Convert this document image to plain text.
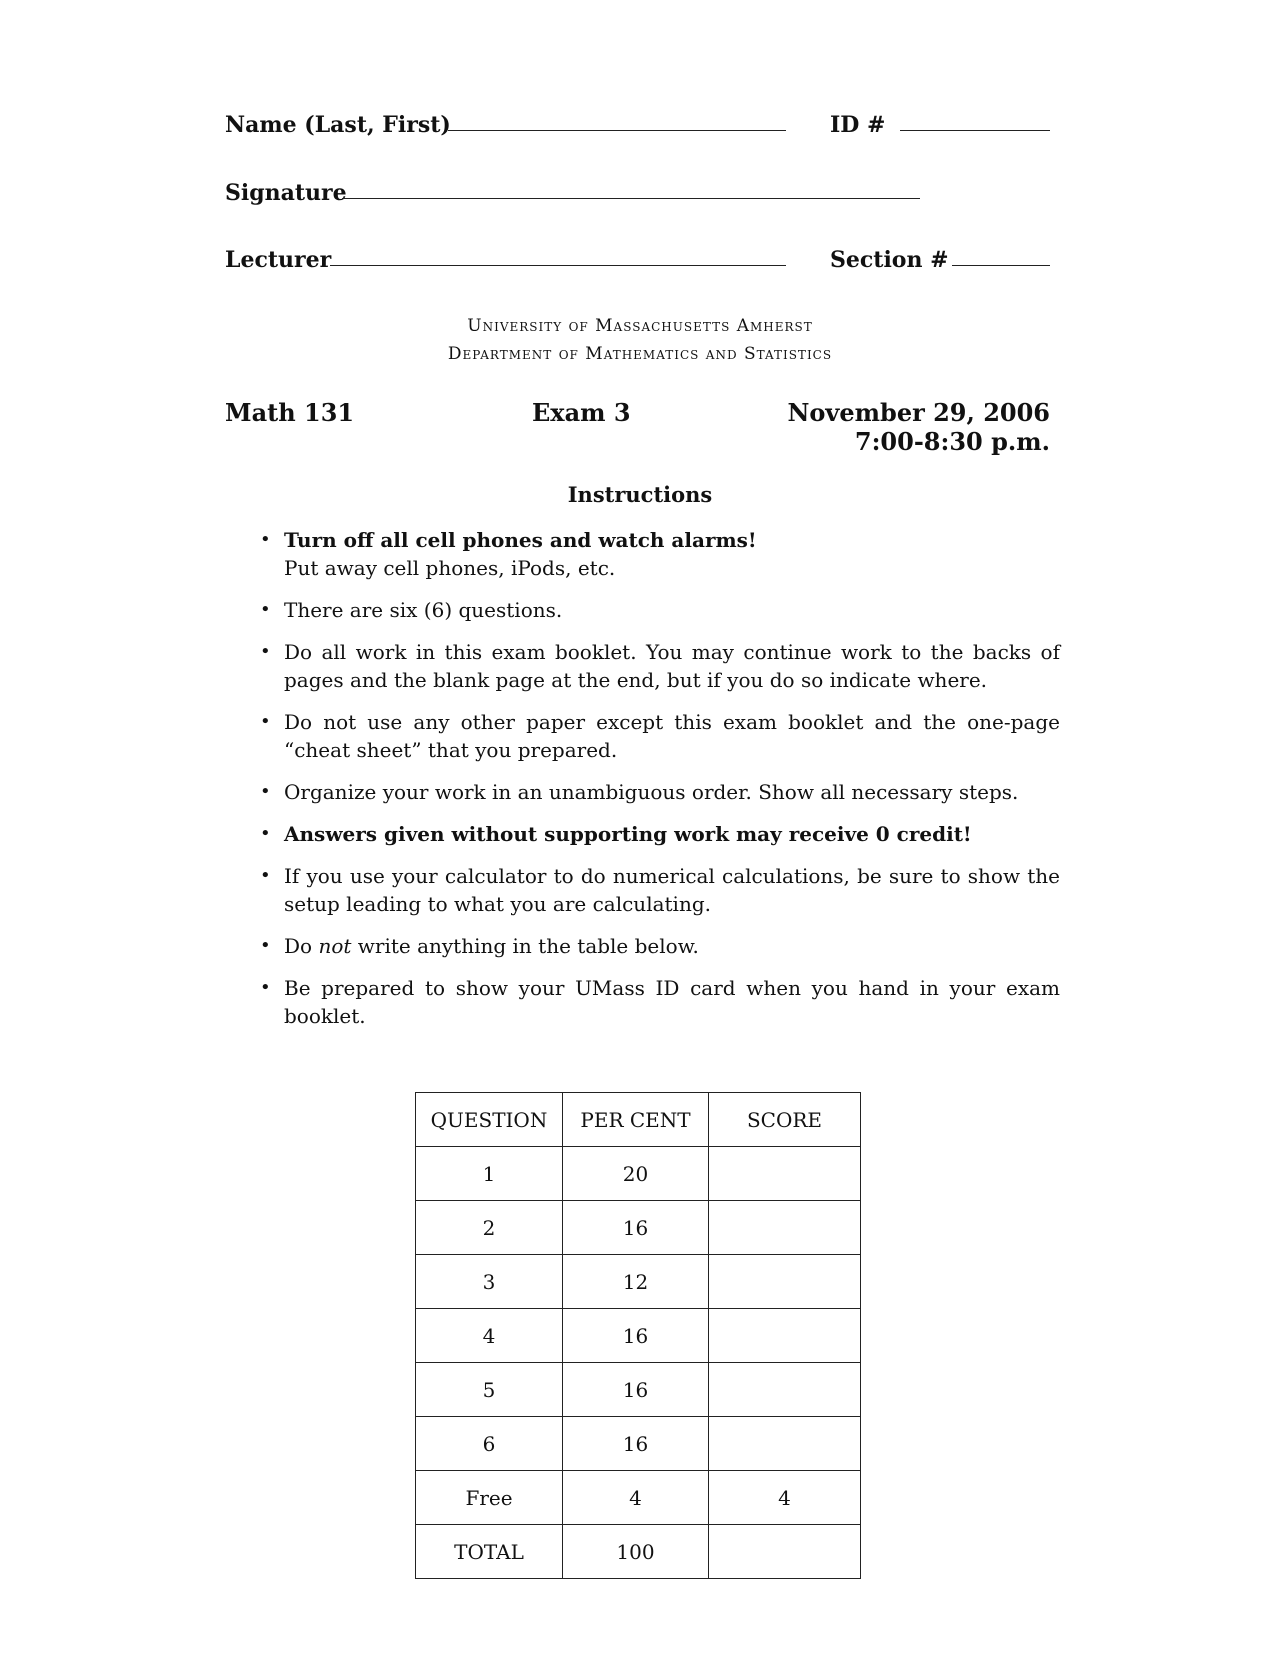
Name (Last, First)	ID #
Signature
Lecturer	Section #
University of Massachusetts Amherst
Department of Mathematics and Statistics
Math 131	Exam 3	November 29, 2006
7:00-8:30 p.m.
Instructions
• Turn off all cell phones and watch alarms!
Put away cell phones, iPods, etc.
• There are six (6) questions.
• Do all work in this exam booklet. You may continue work to the backs of pages and the blank page at the end, but if you do so indicate where.
• Do not use any other paper except this exam booklet and the one-page “cheat sheet” that you prepared.
• Organize your work in an unambiguous order. Show all necessary steps.
• Answers given without supporting work may receive 0 credit!
• If you use your calculator to do numerical calculations, be sure to show the setup leading to what you are calculating.
• Do not write anything in the table below.
• Be prepared to show your UMass ID card when you hand in your exam booklet.
QUESTION	PER CENT	SCORE
1	20	
2	16	
3	12	
4	16	
5	16	
6	16	
Free	4	4
TOTAL	100	
